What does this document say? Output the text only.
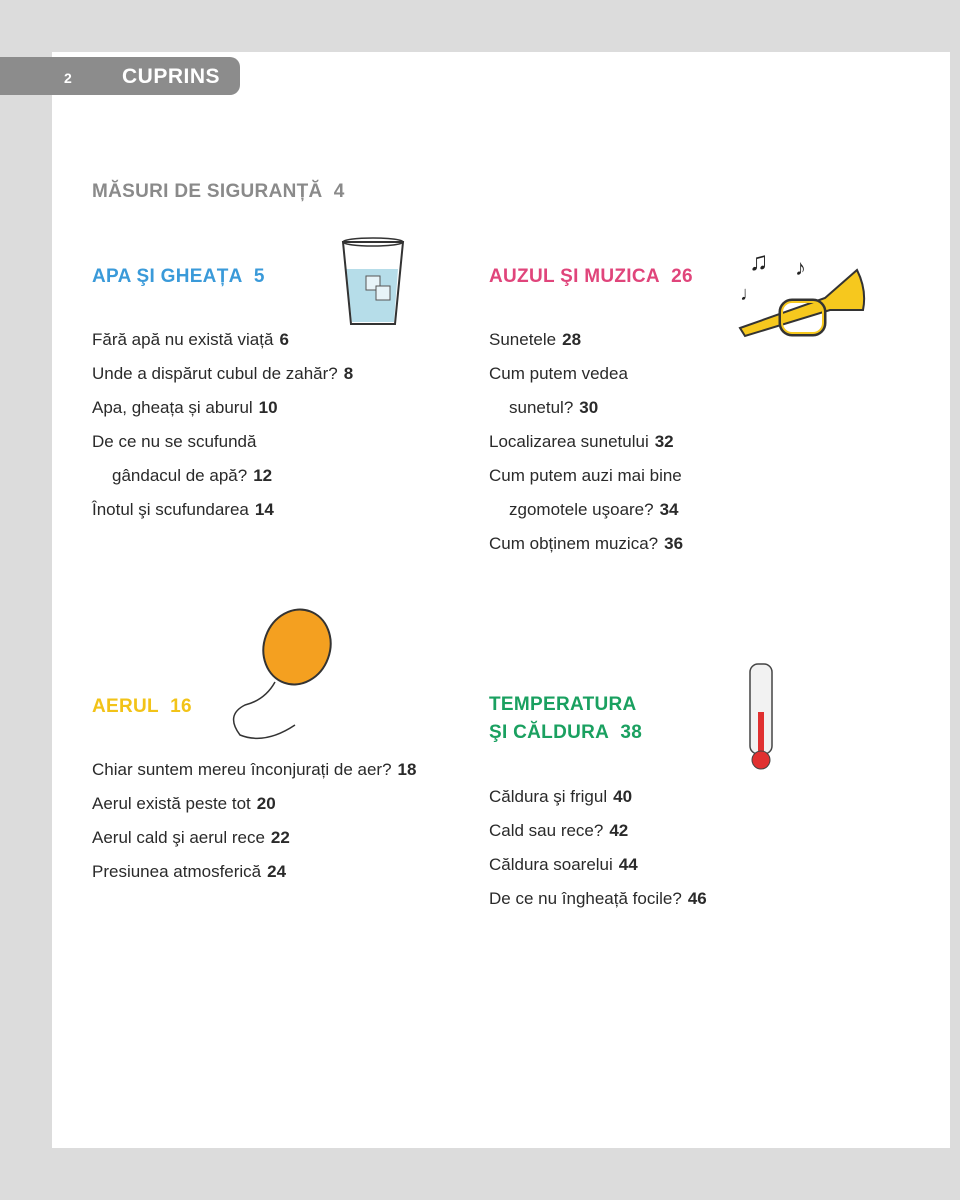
2 CUPRINS
MĂSURI DE SIGURANȚĂ 4
APA ŞI GHEAȚA 5
Fără apă nu există viață 6
Unde a dispărut cubul de zahăr? 8
Apa, gheața și aburul 10
De ce nu se scufundă
gândacul de apă? 12
Înotul şi scufundarea 14
AUZUL ŞI MUZICA 26
Sunetele 28
Cum putem vedea
sunetul? 30
Localizarea sunetului 32
Cum putem auzi mai bine
zgomotele uşoare? 34
Cum obținem muzica? 36
♫ ♪
♩
AERUL 16
Chiar suntem mereu înconjurați de aer? 18
Aerul există peste tot 20
Aerul cald şi aerul rece 22
Presiunea atmosferică 24
TEMPERATURA
ŞI CĂLDURA 38
Căldura şi frigul 40
Cald sau rece? 42
Căldura soarelui 44
De ce nu îngheață focile? 46
